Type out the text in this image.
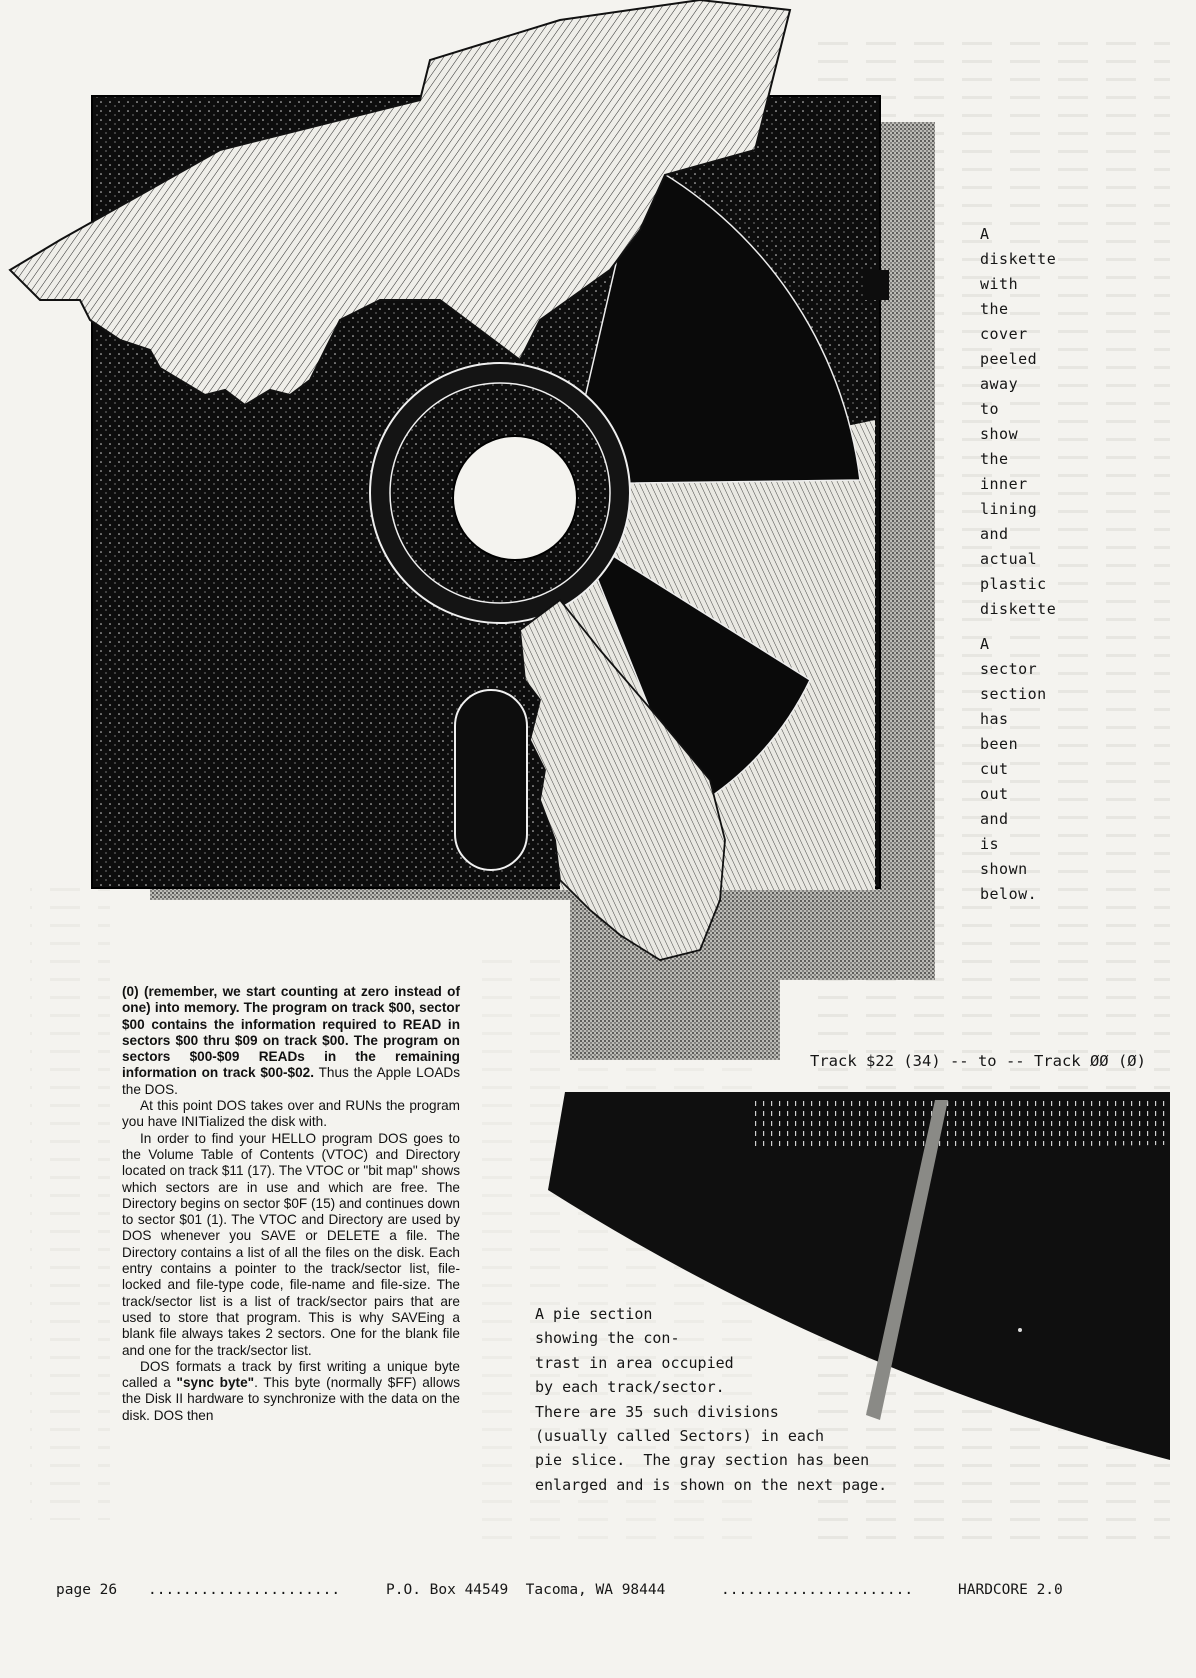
A
diskette
with
the
cover
peeled
away
to
show
the
inner
lining
and
actual
plastic
diskette
A
sector
section
has
been
cut
out
and
is
shown
below.
Track $22 (34) -- to -- Track ØØ (Ø)

(0) (remember, we start counting at zero instead of one) into memory. The program on track $00, sector $00 contains the information required to READ in sectors $00 thru $09 on track $00. The program on sectors $00-$09 READs in the remaining information on track $00-$02. Thus the Apple LOADs the DOS.

At this point DOS takes over and RUNs the program you have INITialized the disk with.

In order to find your HELLO program DOS goes to the Volume Table of Contents (VTOC) and Directory located on track $11 (17). The VTOC or "bit map" shows which sectors are in use and which are free. The Directory begins on sector $0F (15) and continues down to sector $01 (1). The VTOC and Directory are used by DOS whenever you SAVE or DELETE a file. The Directory contains a list of all the files on the disk. Each entry contains a pointer to the track/sector list, file-locked and file-type code, file-name and file-size. The track/sector list is a list of track/sector pairs that are used to store that program. This is why SAVEing a blank file always takes 2 sectors. One for the blank file and one for the track/sector list.

DOS formats a track by first writing a unique byte called a "sync byte". This byte (normally $FF) allows the Disk II hardware to synchronize with the data on the disk. DOS then

A pie section
showing the con-
trast in area occupied
by each track/sector.
There are 35 such divisions
(usually called Sectors) in each
pie slice.  The gray section has been
enlarged and is shown on the next page.

page 26

......................

	P.O. Box 44549  Tacoma, WA 98444

	......................

	HARDCORE 2.0
